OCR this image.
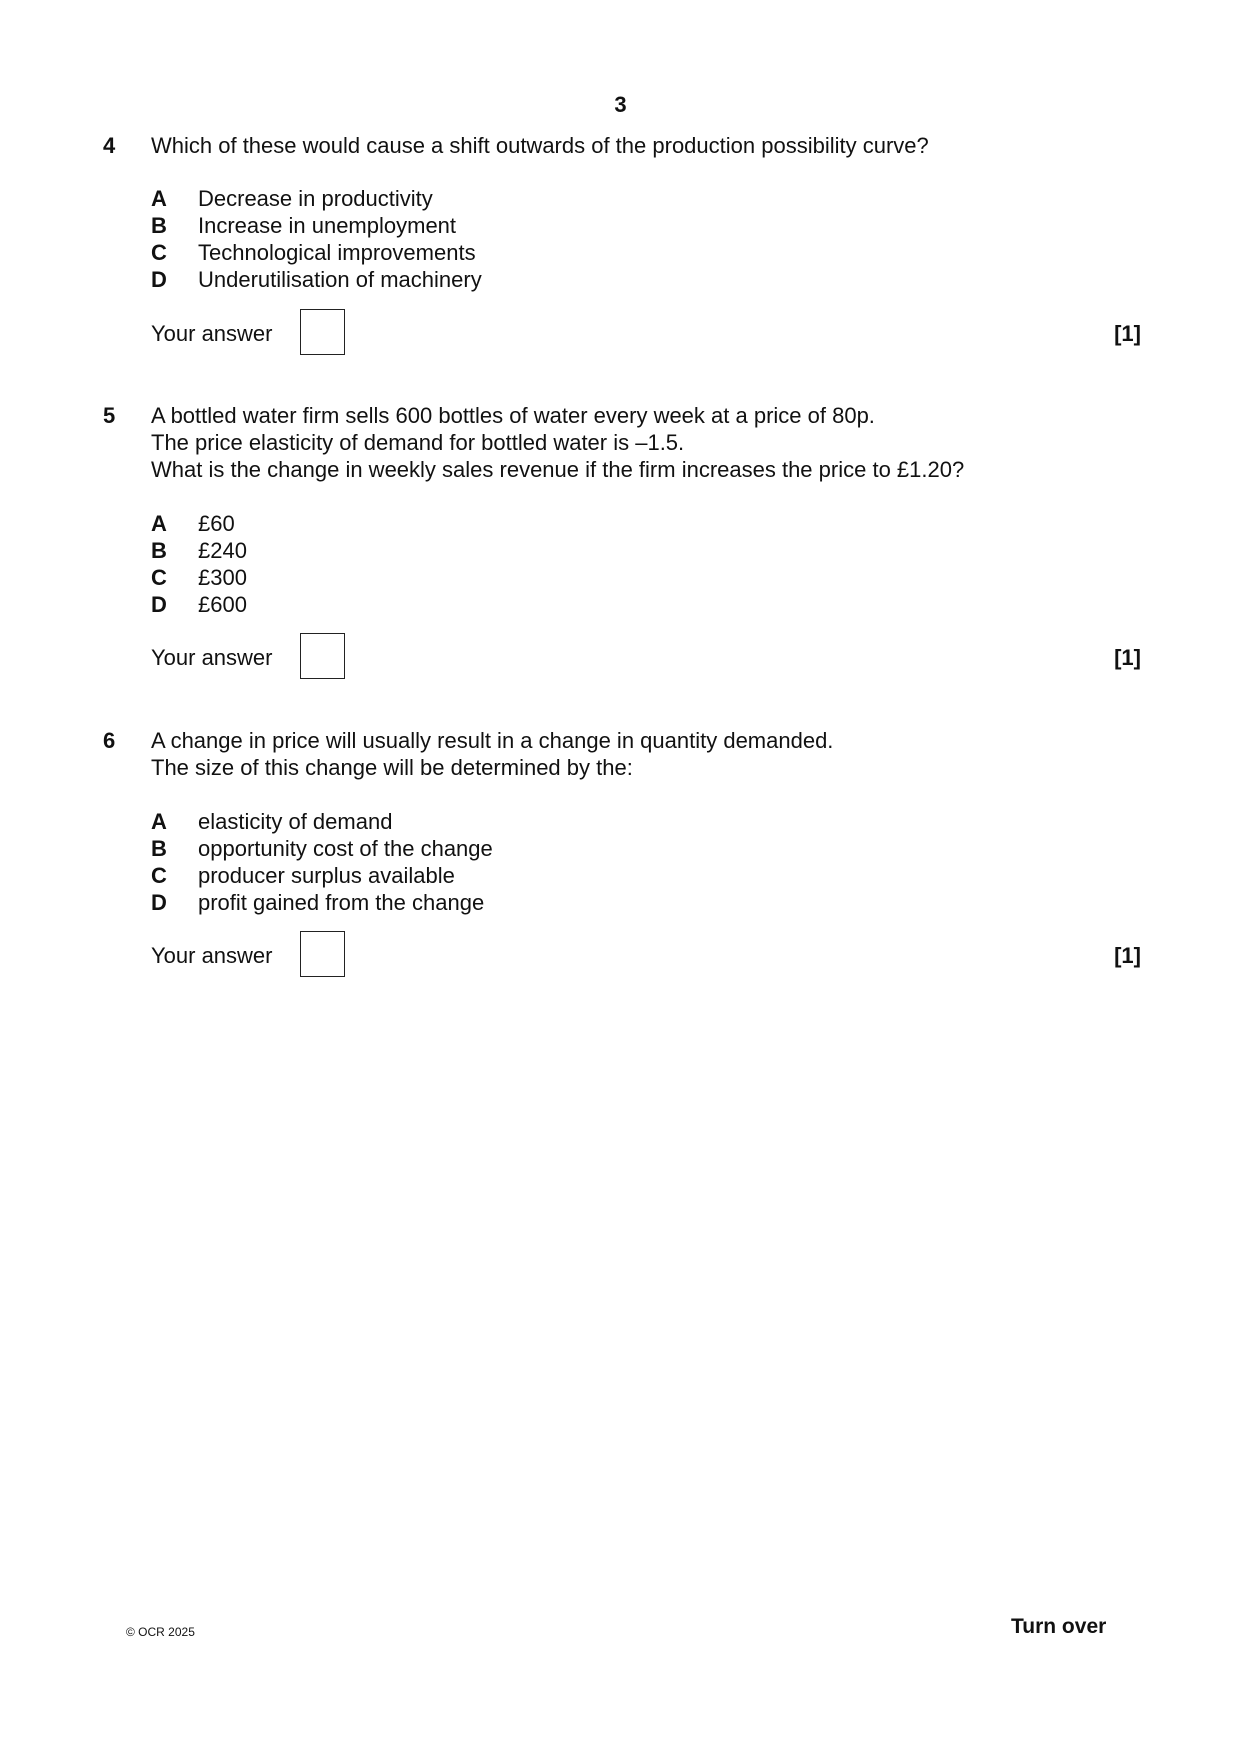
3
4 Which of these would cause a shift outwards of the production possibility curve?
A	Decrease in productivity
B	Increase in unemployment
C	Technological improvements
D	Underutilisation of machinery
Your answer	[1]
5 A bottled water firm sells 600 bottles of water every week at a price of 80p.
The price elasticity of demand for bottled water is –1.5.
What is the change in weekly sales revenue if the firm increases the price to £1.20?
A	£60
B	£240
C	£300
D	£600
Your answer	[1]
6 A change in price will usually result in a change in quantity demanded.
The size of this change will be determined by the:
A	elasticity of demand
B	opportunity cost of the change
C	producer surplus available
D	profit gained from the change
Your answer	[1]
© OCR 2025	Turn over
